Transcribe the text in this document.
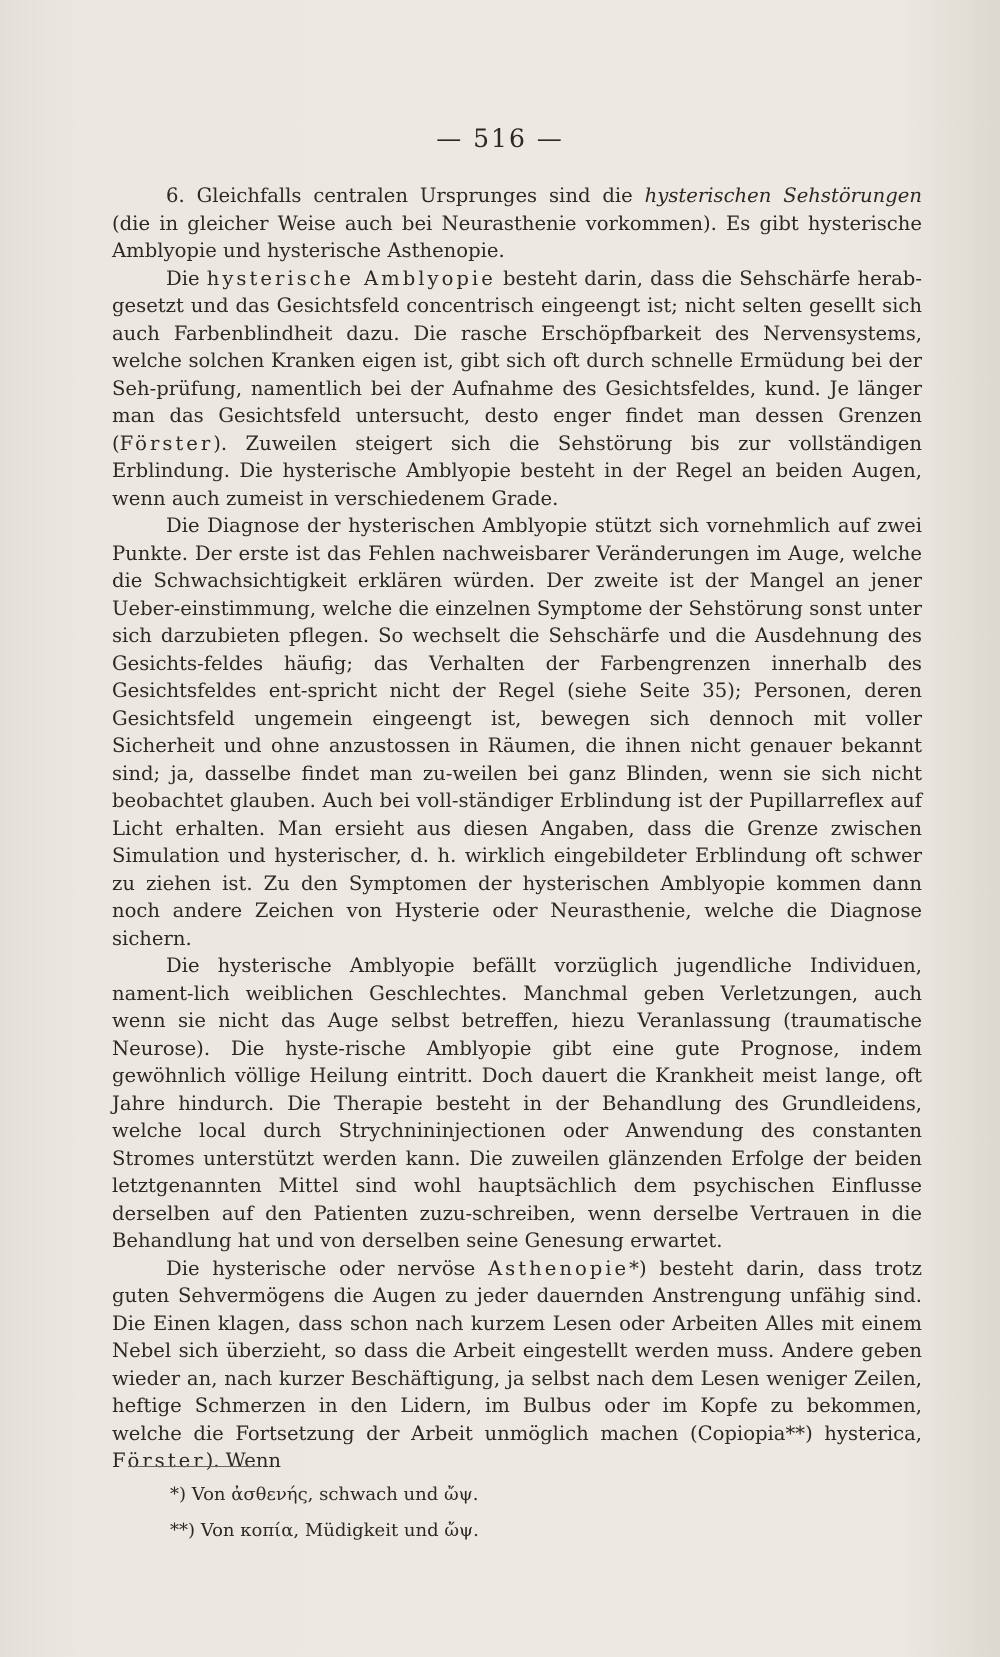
— 516 —

6. Gleichfalls centralen Ursprunges sind die hysterischen Sehstörungen (die in gleicher Weise auch bei Neurasthenie vorkommen). Es gibt hysterische Amblyopie und hysterische Asthenopie.

Die hysterische Amblyopie besteht darin, dass die Sehschärfe herab-gesetzt und das Gesichtsfeld concentrisch eingeengt ist; nicht selten gesellt sich auch Farbenblindheit dazu. Die rasche Erschöpfbarkeit des Nervensystems, welche solchen Kranken eigen ist, gibt sich oft durch schnelle Ermüdung bei der Seh-prüfung, namentlich bei der Aufnahme des Gesichtsfeldes, kund. Je länger man das Gesichtsfeld untersucht, desto enger findet man dessen Grenzen (Förster). Zuweilen steigert sich die Sehstörung bis zur vollständigen Erblindung. Die hysterische Amblyopie besteht in der Regel an beiden Augen, wenn auch zumeist in verschiedenem Grade.

Die Diagnose der hysterischen Amblyopie stützt sich vornehmlich auf zwei Punkte. Der erste ist das Fehlen nachweisbarer Veränderungen im Auge, welche die Schwachsichtigkeit erklären würden. Der zweite ist der Mangel an jener Ueber-einstimmung, welche die einzelnen Symptome der Sehstörung sonst unter sich darzubieten pflegen. So wechselt die Sehschärfe und die Ausdehnung des Gesichts-feldes häufig; das Verhalten der Farbengrenzen innerhalb des Gesichtsfeldes ent-spricht nicht der Regel (siehe Seite 35); Personen, deren Gesichtsfeld ungemein eingeengt ist, bewegen sich dennoch mit voller Sicherheit und ohne anzustossen in Räumen, die ihnen nicht genauer bekannt sind; ja, dasselbe findet man zu-weilen bei ganz Blinden, wenn sie sich nicht beobachtet glauben. Auch bei voll-ständiger Erblindung ist der Pupillarreflex auf Licht erhalten. Man ersieht aus diesen Angaben, dass die Grenze zwischen Simulation und hysterischer, d. h. wirklich eingebildeter Erblindung oft schwer zu ziehen ist. Zu den Symptomen der hysterischen Amblyopie kommen dann noch andere Zeichen von Hysterie oder Neurasthenie, welche die Diagnose sichern.

Die hysterische Amblyopie befällt vorzüglich jugendliche Individuen, nament-lich weiblichen Geschlechtes. Manchmal geben Verletzungen, auch wenn sie nicht das Auge selbst betreffen, hiezu Veranlassung (traumatische Neurose). Die hyste-rische Amblyopie gibt eine gute Prognose, indem gewöhnlich völlige Heilung eintritt. Doch dauert die Krankheit meist lange, oft Jahre hindurch. Die Therapie besteht in der Behandlung des Grundleidens, welche local durch Strychnininjectionen oder Anwendung des constanten Stromes unterstützt werden kann. Die zuweilen glänzenden Erfolge der beiden letztgenannten Mittel sind wohl hauptsächlich dem psychischen Einflusse derselben auf den Patienten zuzu-schreiben, wenn derselbe Vertrauen in die Behandlung hat und von derselben seine Genesung erwartet.

Die hysterische oder nervöse Asthenopie*) besteht darin, dass trotz guten Sehvermögens die Augen zu jeder dauernden Anstrengung unfähig sind. Die Einen klagen, dass schon nach kurzem Lesen oder Arbeiten Alles mit einem Nebel sich überzieht, so dass die Arbeit eingestellt werden muss. Andere geben wieder an, nach kurzer Beschäftigung, ja selbst nach dem Lesen weniger Zeilen, heftige Schmerzen in den Lidern, im Bulbus oder im Kopfe zu bekommen, welche die Fortsetzung der Arbeit unmöglich machen (Copiopia**) hysterica, Förster). Wenn

*) Von ἀσθενής, schwach und ὤψ.
**) Von κοπία, Müdigkeit und ὤψ.
